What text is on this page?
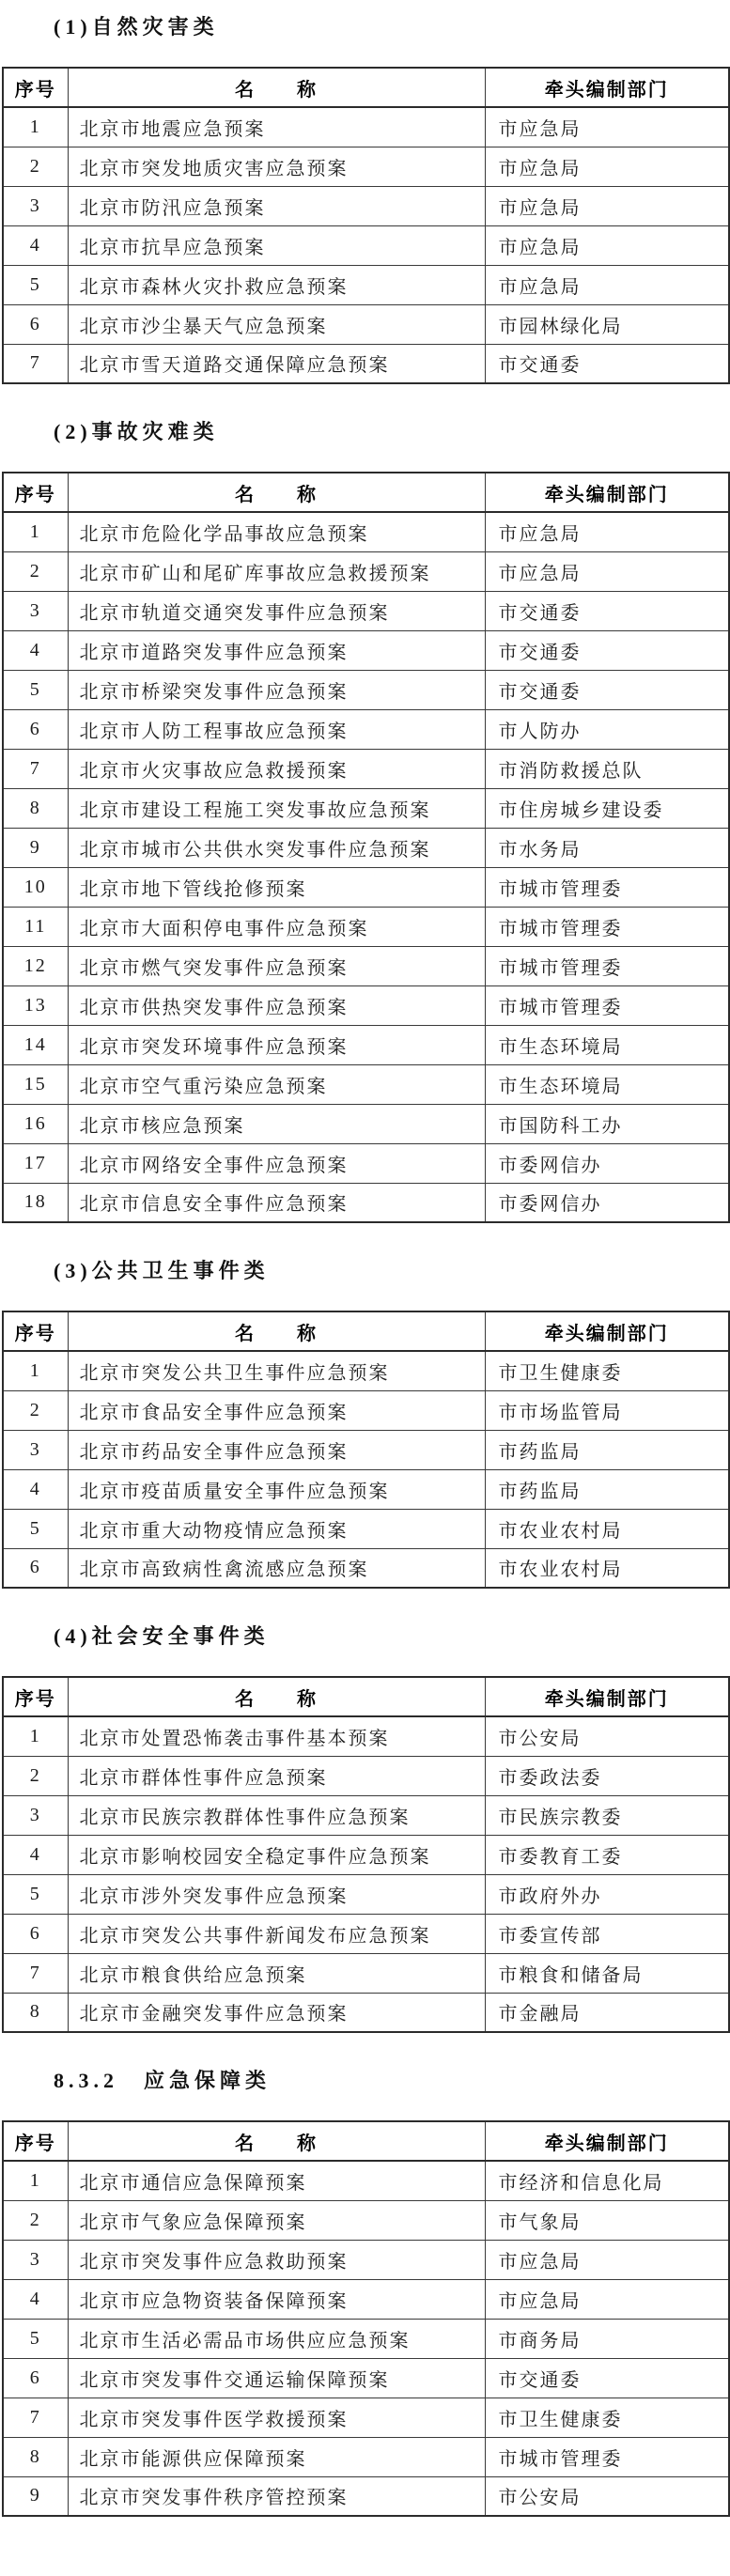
(1)自然灾害类
序号	名　　称	牵头编制部门
1	北京市地震应急预案	市应急局
2	北京市突发地质灾害应急预案	市应急局
3	北京市防汛应急预案	市应急局
4	北京市抗旱应急预案	市应急局
5	北京市森林火灾扑救应急预案	市应急局
6	北京市沙尘暴天气应急预案	市园林绿化局
7	北京市雪天道路交通保障应急预案	市交通委
(2)事故灾难类
序号	名　　称	牵头编制部门
1	北京市危险化学品事故应急预案	市应急局
2	北京市矿山和尾矿库事故应急救援预案	市应急局
3	北京市轨道交通突发事件应急预案	市交通委
4	北京市道路突发事件应急预案	市交通委
5	北京市桥梁突发事件应急预案	市交通委
6	北京市人防工程事故应急预案	市人防办
7	北京市火灾事故应急救援预案	市消防救援总队
8	北京市建设工程施工突发事故应急预案	市住房城乡建设委
9	北京市城市公共供水突发事件应急预案	市水务局
10	北京市地下管线抢修预案	市城市管理委
11	北京市大面积停电事件应急预案	市城市管理委
12	北京市燃气突发事件应急预案	市城市管理委
13	北京市供热突发事件应急预案	市城市管理委
14	北京市突发环境事件应急预案	市生态环境局
15	北京市空气重污染应急预案	市生态环境局
16	北京市核应急预案	市国防科工办
17	北京市网络安全事件应急预案	市委网信办
18	北京市信息安全事件应急预案	市委网信办
(3)公共卫生事件类
序号	名　　称	牵头编制部门
1	北京市突发公共卫生事件应急预案	市卫生健康委
2	北京市食品安全事件应急预案	市市场监管局
3	北京市药品安全事件应急预案	市药监局
4	北京市疫苗质量安全事件应急预案	市药监局
5	北京市重大动物疫情应急预案	市农业农村局
6	北京市高致病性禽流感应急预案	市农业农村局
(4)社会安全事件类
序号	名　　称	牵头编制部门
1	北京市处置恐怖袭击事件基本预案	市公安局
2	北京市群体性事件应急预案	市委政法委
3	北京市民族宗教群体性事件应急预案	市民族宗教委
4	北京市影响校园安全稳定事件应急预案	市委教育工委
5	北京市涉外突发事件应急预案	市政府外办
6	北京市突发公共事件新闻发布应急预案	市委宣传部
7	北京市粮食供给应急预案	市粮食和储备局
8	北京市金融突发事件应急预案	市金融局
8.3.2　应急保障类
序号	名　　称	牵头编制部门
1	北京市通信应急保障预案	市经济和信息化局
2	北京市气象应急保障预案	市气象局
3	北京市突发事件应急救助预案	市应急局
4	北京市应急物资装备保障预案	市应急局
5	北京市生活必需品市场供应应急预案	市商务局
6	北京市突发事件交通运输保障预案	市交通委
7	北京市突发事件医学救援预案	市卫生健康委
8	北京市能源供应保障预案	市城市管理委
9	北京市突发事件秩序管控预案	市公安局
